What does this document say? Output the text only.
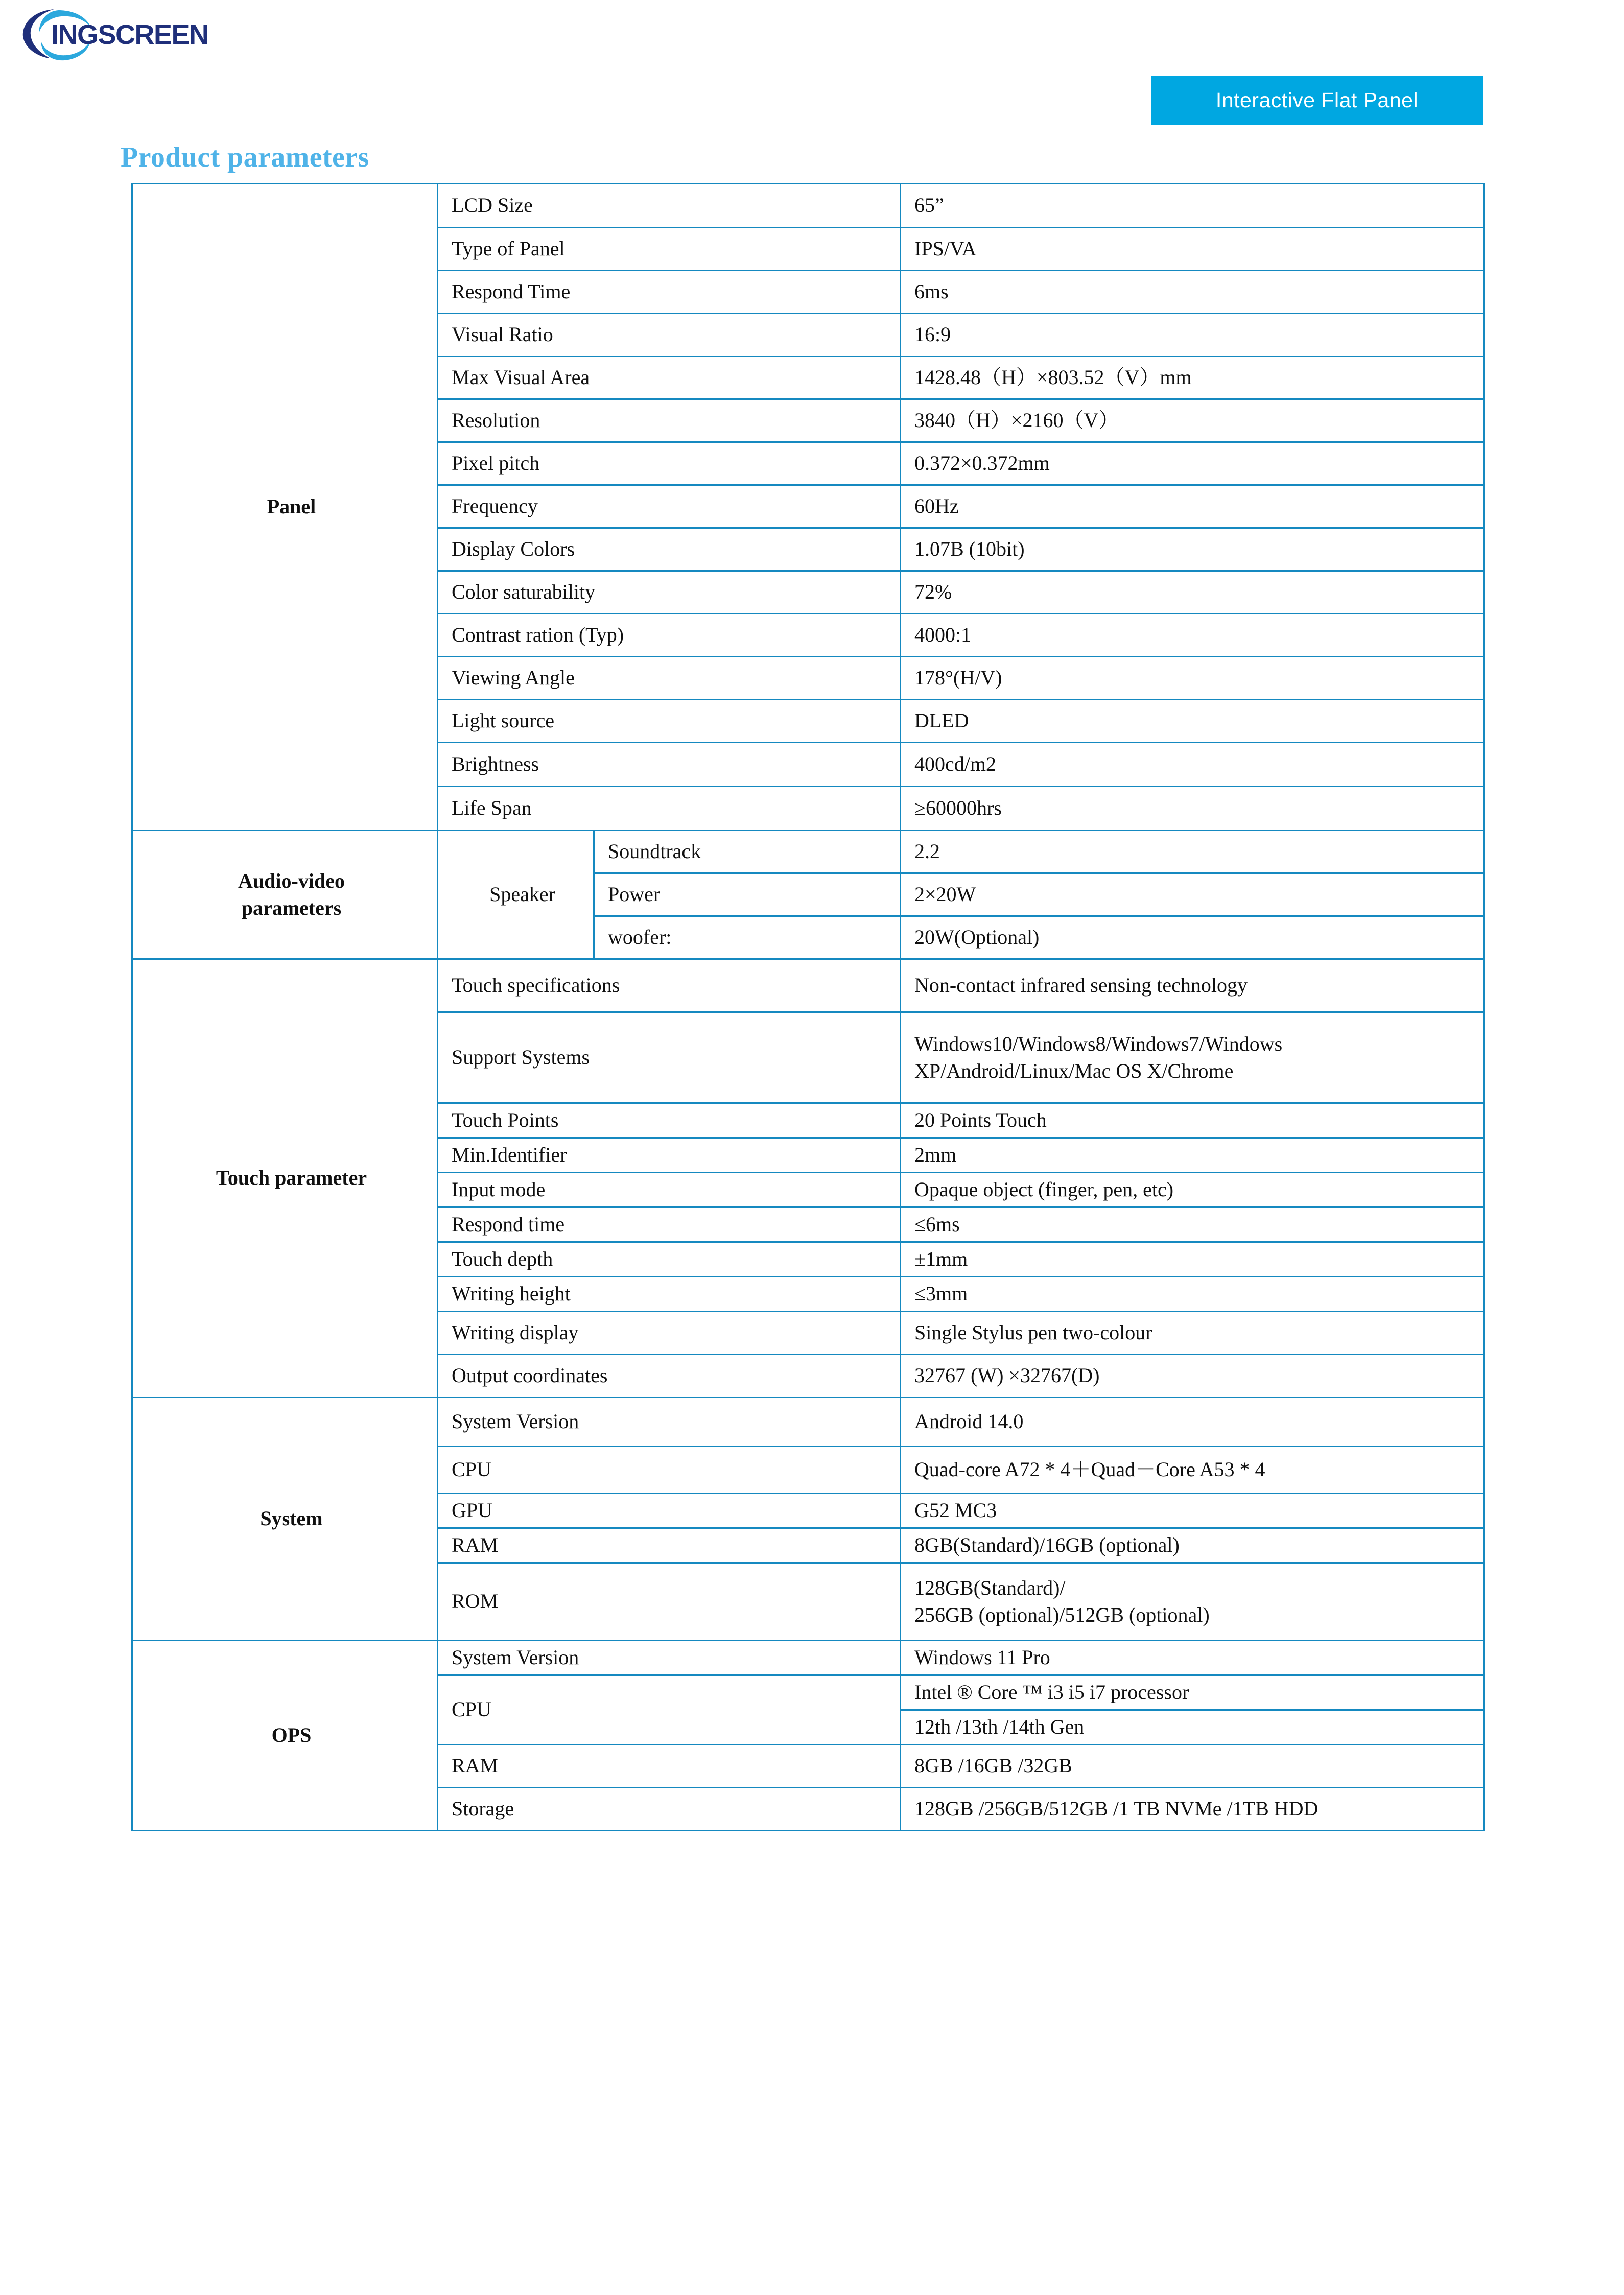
INGSCREEN
Interactive Flat Panel
Product parameters
Panel	LCD Size		65”
	Type of Panel		IPS/VA
	Respond Time		6ms
	Visual Ratio		16:9
	Max Visual Area		1428.48（H）×803.52（V）mm
	Resolution		3840（H）×2160（V）
	Pixel pitch		0.372×0.372mm
	Frequency		60Hz
	Display Colors		1.07B (10bit)
	Color saturability		72%
	Contrast ration (Typ)		4000:1
	Viewing Angle		178°(H/V)
	Light source		DLED
	Brightness		400cd/m2
	Life Span		≥60000hrs
Audio-video
parameters	Speaker	Soundtrack	2.2
		Power	2×20W
		woofer:	20W(Optional)
Touch parameter	Touch specifications		Non-contact infrared sensing technology
	Support Systems		Windows10/Windows8/Windows7/Windows XP/Android/Linux/Mac OS X/Chrome
	Touch Points		20 Points Touch
	Min.Identifier		2mm
	Input mode		Opaque object (finger, pen, etc)
	Respond time		≤6ms
	Touch depth		±1mm
	Writing height		≤3mm
	Writing display		Single Stylus pen two-colour
	Output coordinates		32767 (W) ×32767(D)
System	System Version		Android 14.0
	CPU		Quad-core A72 * 4＋Quad－Core A53 * 4
	GPU		G52 MC3
	RAM		8GB(Standard)/16GB (optional)
	ROM		128GB(Standard)/
256GB (optional)/512GB (optional)
OPS	System Version		Windows 11 Pro
	CPU		Intel ® Core ™ i3 i5 i7 processor
			12th /13th /14th Gen
	RAM		8GB /16GB /32GB
	Storage		128GB /256GB/512GB /1 TB NVMe /1TB HDD
